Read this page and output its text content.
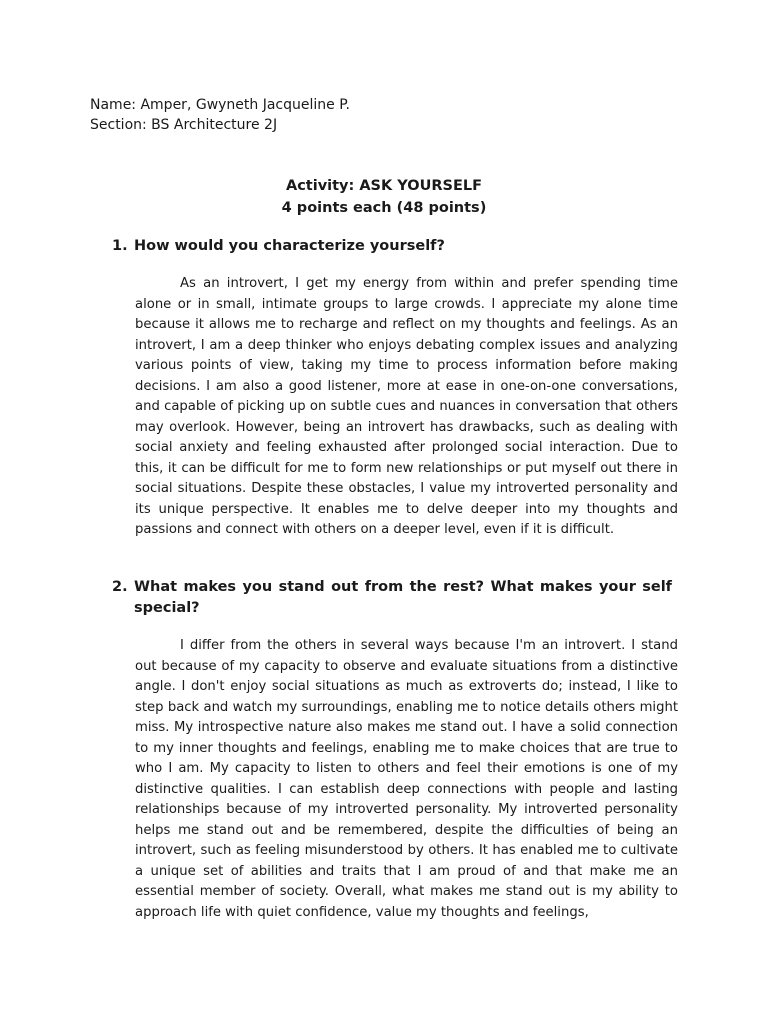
Name: Amper, Gwyneth Jacqueline P.
Section: BS Architecture 2J
Activity: ASK YOURSELF
4 points each (48 points)
1. How would you characterize yourself?

As an introvert, I get my energy from within and prefer spending time alone or in small, intimate groups to large crowds. I appreciate my alone time because it allows me to recharge and reflect on my thoughts and feelings. As an introvert, I am a deep thinker who enjoys debating complex issues and analyzing various points of view, taking my time to process information before making decisions. I am also a good listener, more at ease in one-on-one conversations, and capable of picking up on subtle cues and nuances in conversation that others may overlook. However, being an introvert has drawbacks, such as dealing with social anxiety and feeling exhausted after prolonged social interaction. Due to this, it can be difficult for me to form new relationships or put myself out there in social situations. Despite these obstacles, I value my introverted personality and its unique perspective. It enables me to delve deeper into my thoughts and passions and connect with others on a deeper level, even if it is difficult.

2. What makes you stand out from the rest? What makes your self special?

I differ from the others in several ways because I'm an introvert. I stand out because of my capacity to observe and evaluate situations from a distinctive angle. I don't enjoy social situations as much as extroverts do; instead, I like to step back and watch my surroundings, enabling me to notice details others might miss. My introspective nature also makes me stand out. I have a solid connection to my inner thoughts and feelings, enabling me to make choices that are true to who I am. My capacity to listen to others and feel their emotions is one of my distinctive qualities. I can establish deep connections with people and lasting relationships because of my introverted personality. My introverted personality helps me stand out and be remembered, despite the difficulties of being an introvert, such as feeling misunderstood by others. It has enabled me to cultivate a unique set of abilities and traits that I am proud of and that make me an essential member of society. Overall, what makes me stand out is my ability to approach life with quiet confidence, value my thoughts and feelings,
